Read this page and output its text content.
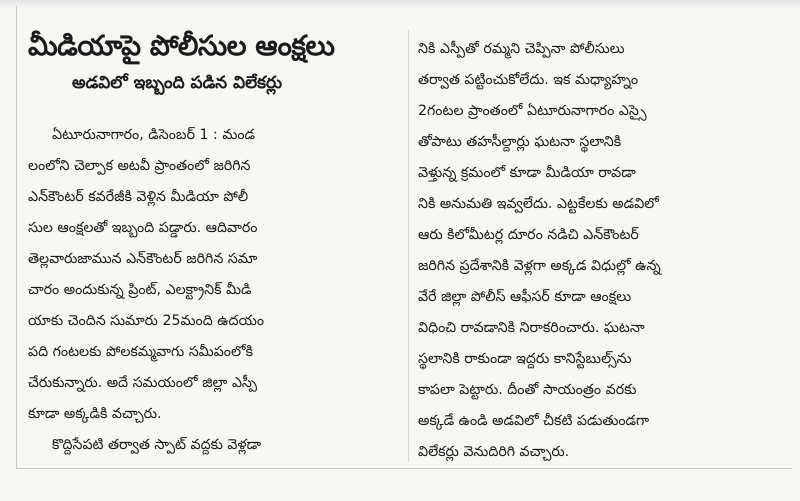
మీడియాపై పోలీసుల ఆంక్షలు
అడవిలో ఇబ్బంది పడిన విలేకర్లు
ఏటూరునాగారం, డిసెంబర్ 1 : మండ
లంలోని చెల్పాక అటవీ ప్రాంతంలో జరిగిన
ఎన్‌కౌంటర్ కవరేజీకి వెళ్లిన మీడియా పోలీ
సుల ఆంక్షలతో ఇబ్బంది పడ్డారు. ఆదివారం
తెల్లవారుజామున ఎన్‌కౌంటర్ జరిగిన సమా
చారం అందుకున్న ప్రింట్, ఎలక్ట్రానిక్ మీడి
యాకు చెందిన సుమారు 25మంది ఉదయం
పది గంటలకు పోలకమ్మవాగు సమీపంలోకి
చేరుకున్నారు. అదే సమయంలో జిల్లా ఎస్పీ
కూడా అక్కడికి వచ్చారు.
కొద్దిసేపటి తర్వాత స్పాట్ వద్దకు వెళ్లడా
నికి ఎస్పీతో రమ్మని చెప్పినా పోలీసులు
తర్వాత పట్టించుకోలేదు. ఇక మధ్యాహ్నం
2గంటల ప్రాంతంలో ఏటూరునాగారం ఎస్సై
తోపాటు తహసీల్దార్లు ఘటనా స్థలానికి
వెళ్తున్న క్రమంలో కూడా మీడియా రావడా
నికి అనుమతి ఇవ్వలేదు. ఎట్టకేలకు అడవిలో
ఆరు కిలోమీటర్ల దూరం నడిచి ఎన్‌కౌంటర్
జరిగిన ప్రదేశానికి వెళ్లగా అక్కడ విధుల్లో ఉన్న
వేరే జిల్లా పోలీస్ ఆఫీసర్ కూడా ఆంక్షలు
విధించి రావడానికి నిరాకరించారు. ఘటనా
స్థలానికి రాకుండా ఇద్దరు కానిస్టేబుల్స్‌ను
కాపలా పెట్టారు. దీంతో సాయంత్రం వరకు
అక్కడే ఉండి అడవిలో చీకటి పడుతుండగా
విలేకర్లు వెనుదిరిగి వచ్చారు.
